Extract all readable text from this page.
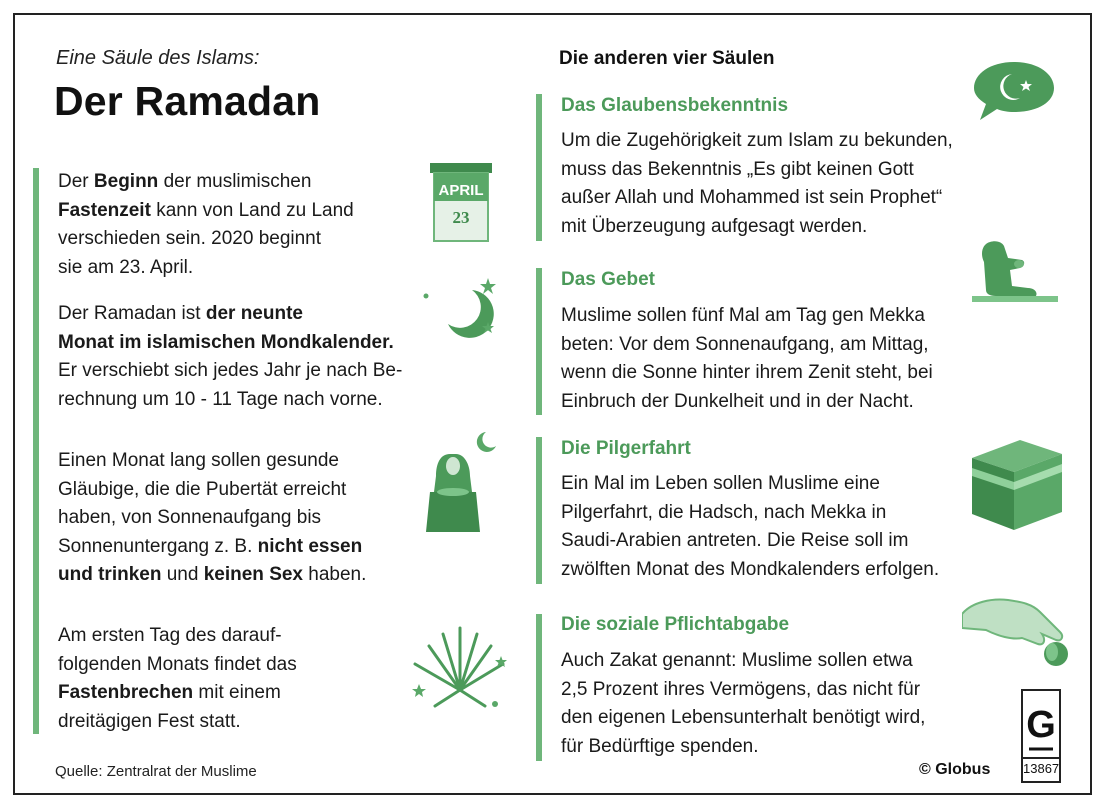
Eine Säule des Islams:
Der Ramadan
Der Beginn der muslimischen
Fastenzeit kann von Land zu Land
verschieden sein. 2020 beginnt
sie am 23. April.
Der Ramadan ist der neunte
Monat im islamischen Mondkalender.
Er verschiebt sich jedes Jahr je nach Be-
rechnung um 10 - 11 Tage nach vorne.
Einen Monat lang sollen gesunde
Gläubige, die die Pubertät erreicht
haben, von Sonnenaufgang bis
Sonnenuntergang z. B. nicht essen
und trinken und keinen Sex haben.
Am ersten Tag des darauf-
folgenden Monats findet das
Fastenbrechen mit einem
dreitägigen Fest statt.
APRIL
23
Die anderen vier Säulen
Das Glaubensbekenntnis
Um die Zugehörigkeit zum Islam zu bekunden,
muss das Bekenntnis „Es gibt keinen Gott
außer Allah und Mohammed ist sein Prophet“
mit Überzeugung aufgesagt werden.
Das Gebet
Muslime sollen fünf Mal am Tag gen Mekka
beten: Vor dem Sonnenaufgang, am Mittag,
wenn die Sonne hinter ihrem Zenit steht, bei
Einbruch der Dunkelheit und in der Nacht.
Die Pilgerfahrt
Ein Mal im Leben sollen Muslime eine
Pilgerfahrt, die Hadsch, nach Mekka in
Saudi-Arabien antreten. Die Reise soll im
zwölften Monat des Mondkalenders erfolgen.
Die soziale Pflichtabgabe
Auch Zakat genannt: Muslime sollen etwa
2,5 Prozent ihres Vermögens, das nicht für
den eigenen Lebensunterhalt benötigt wird,
für Bedürftige spenden.
Quelle: Zentralrat der Muslime	© Globus
G
13867
